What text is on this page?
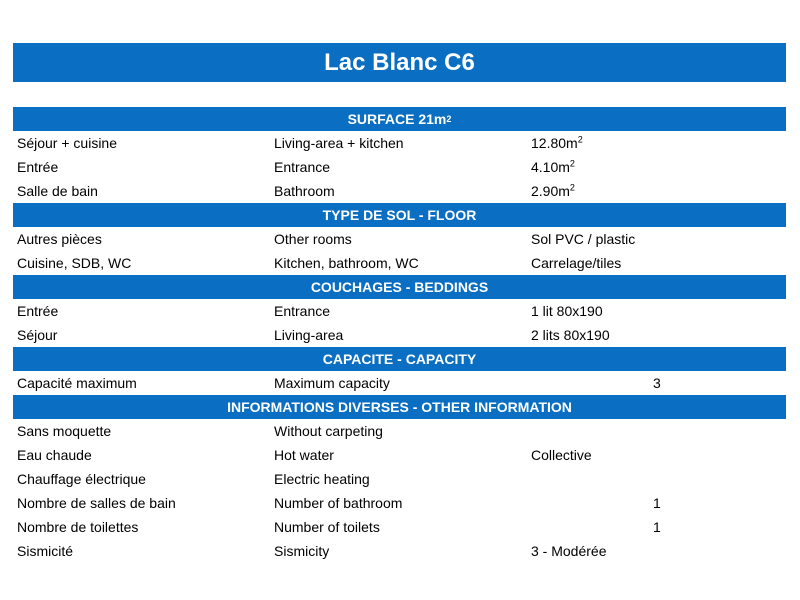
Lac Blanc C6
SURFACE 21m 2
Séjour + cuisine	Living-area + kitchen	$12.80m^2$
Entrée	Entrance	$4.10m^2$
Salle de bain	Bathroom	$2.90m^2$
TYPE DE SOL - FLOOR
Autres pièces	Other rooms	Sol PVC / plastic
Cuisine, SDB, WC	Kitchen, bathroom, WC	Carrelage/tiles
COUCHAGES - BEDDINGS
Entrée	Entrance	1 lit 80x190
Séjour	Living-area	2 lits 80x190
CAPACITE - CAPACITY
Capacité maximum	Maximum capacity	3
INFORMATIONS DIVERSES - OTHER INFORMATION
Sans moquette	Without carpeting
Eau chaude	Hot water	Collective
Chauffage électrique	Electric heating
Nombre de salles de bain	Number of bathroom	1
Nombre de toilettes	Number of toilets	1
Sismicité	Sismicity	3 - Modérée
